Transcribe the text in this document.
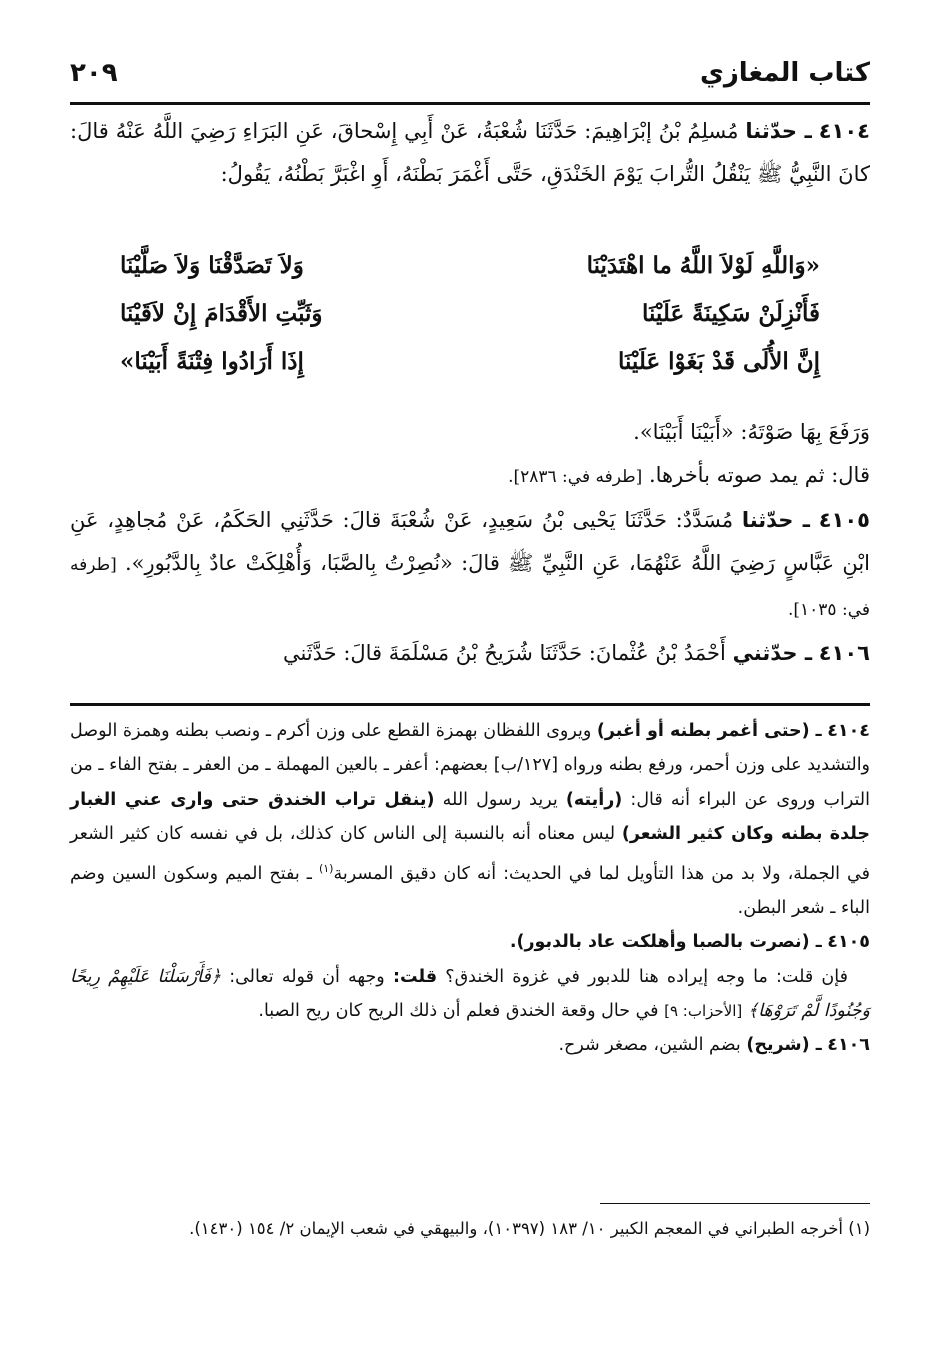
كتاب المغازي
٢٠٩

٤١٠٤ ـ حدّثنا مُسلِمُ بْنُ إبْرَاهِيمَ: حَدَّثَنَا شُعْبَةُ، عَنْ أَبِي إِسْحاقَ، عَنِ البَرَاءِ رَضِيَ اللَّهُ عَنْهُ قالَ: كانَ النَّبِيُّ ﷺ يَنْقُلُ التُّرابَ يَوْمَ الخَنْدَقِ، حَتَّى أَغْمَرَ بَطْنَهُ، أَوِ اغْبَرَّ بَطْنُهُ، يَقُولُ:

«وَاللَّهِ لَوْلاَ اللَّهُ ما اهْتَدَيْنَا
وَلاَ تَصَدَّقْنَا وَلاَ صَلَّيْنَا
فَأَنْزِلَنْ سَكِينَةً عَلَيْنَا
وَثَبِّتِ الأَقْدَامَ إِنْ لاَقَيْنَا
إِنَّ الأُلَى قَدْ بَغَوْا عَلَيْنَا
إِذَا أَرَادُوا فِتْنَةً أَبَيْنَا»

وَرَفَعَ بِهَا صَوْتَهُ: «أَبَيْنَا أَبَيْنَا».

قال: ثم يمد صوته بأخرها. [طرفه في: ٢٨٣٦].

٤١٠٥ ـ حدّثنا مُسَدَّدٌ: حَدَّثَنَا يَحْيى بْنُ سَعِيدٍ، عَنْ شُعْبَةَ قالَ: حَدَّثَنِي الحَكَمُ، عَنْ مُجاهِدٍ، عَنِ ابْنِ عَبَّاسٍ رَضِيَ اللَّهُ عَنْهُمَا، عَنِ النَّبِيِّ ﷺ قالَ: «نُصِرْتُ بِالصَّبَا، وَأُهْلِكَتْ عادٌ بِالدَّبُورِ». [طرفه في: ١٠٣٥].

٤١٠٦ ـ حدّثني أَحْمَدُ بْنُ عُثْمانَ: حَدَّثَنَا شُرَيحُ بْنُ مَسْلَمَةَ قالَ: حَدَّثَني

٤١٠٤ ـ (حتى أغمر بطنه أو أغبر) ويروى اللفظان بهمزة القطع على وزن أكرم ـ ونصب بطنه وهمزة الوصل والتشديد على وزن أحمر، ورفع بطنه ورواه [١٢٧/ب] بعضهم: أعفر ـ بالعين المهملة ـ من العفر ـ بفتح الفاء ـ من التراب وروى عن البراء أنه قال: (رأيته) يريد رسول الله (ينقل تراب الخندق حتى وارى عني الغبار جلدة بطنه وكان كثير الشعر) ليس معناه أنه بالنسبة إلى الناس كان كذلك، بل في نفسه كان كثير الشعر في الجملة، ولا بد من هذا التأويل لما في الحديث: أنه كان دقيق المسربة$^{(١)}$ ـ بفتح الميم وسكون السين وضم الباء ـ شعر البطن.

٤١٠٥ ـ (نصرت بالصبا وأهلكت عاد بالدبور).

فإن قلت: ما وجه إيراده هنا للدبور في غزوة الخندق؟ قلت: وجهه أن قوله تعالى: ﴿فَأَرْسَلْنَا عَلَيْهِمْ رِيحًا وَجُنُودًا لَّمْ تَرَوْهَا﴾ [الأحزاب: ٩] في حال وقعة الخندق فعلم أن ذلك الريح كان ريح الصبا.

٤١٠٦ ـ (شريح) بضم الشين، مصغر شرح.

(١) أخرجه الطبراني في المعجم الكبير ١٠/ ١٨٣ (١٠٣٩٧)، والبيهقي في شعب الإيمان ٢/ ١٥٤ (١٤٣٠).
